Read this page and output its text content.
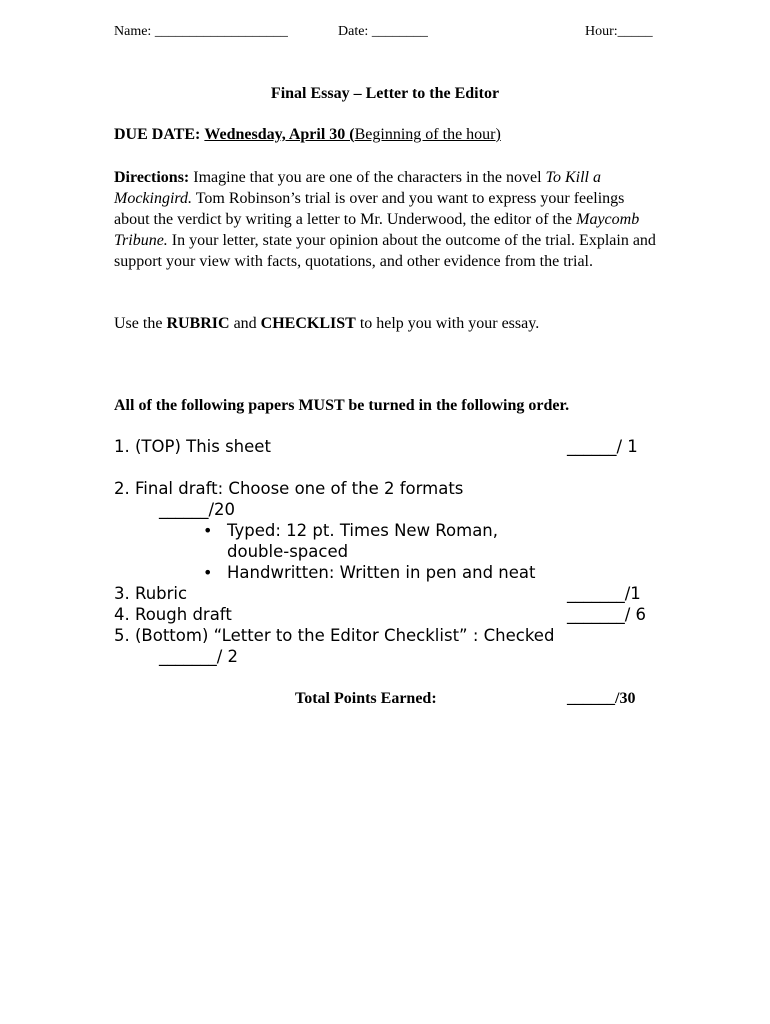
Name: ___________________	Date: ________	Hour:_____
Final Essay – Letter to the Editor
DUE DATE: Wednesday, April 30 (Beginning of the hour)
Directions: Imagine that you are one of the characters in the novel To Kill a Mockingird. Tom Robinson’s trial is over and you want to express your feelings about the verdict by writing a letter to Mr. Underwood, the editor of the Maycomb Tribune. In your letter, state your opinion about the outcome of the trial. Explain and support your view with facts, quotations, and other evidence from the trial.
Use the RUBRIC and CHECKLIST to help you with your essay.
All of the following papers MUST be turned in the following order.
1. (TOP) This sheet	______/ 1
2. Final draft: Choose one of the 2 formats
______/20
• Typed: 12 pt. Times New Roman,
double-spaced
• Handwritten: Written in pen and neat
3. Rubric	_______/1
4. Rough draft	_______/ 6
5. (Bottom) “Letter to the Editor Checklist” : Checked
_______/ 2
Total Points Earned:	______/30
